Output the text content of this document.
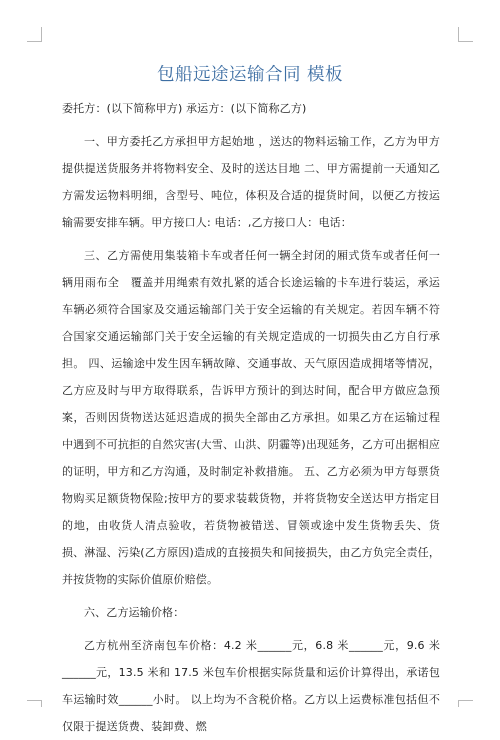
包船远途运输合同 模板

委托方：(以下简称甲方) 承运方：(以下简称乙方)

一、甲方委托乙方承担甲方起始地 ，送达的物料运输工作，乙方为甲方提供提送货服务并将物料安全、及时的送达目地 二、甲方需提前一天通知乙方需发运物料明细，含型号、吨位，体积及合适的提货时间，以便乙方按运输需要安排车辆。甲方接口人: 电话：,乙方接口人：电话：

三、乙方需使用集装箱卡车或者任何一辆全封闭的厢式货车或者任何一辆用雨布全　覆盖并用绳索有效扎紧的适合长途运输的卡车进行装运，承运车辆必须符合国家及交通运输部门关于安全运输的有关规定。若因车辆不符合国家交通运输部门关于安全运输的有关规定造成的一切损失由乙方自行承担。 四、运输途中发生因车辆故障、交通事故、天气原因造成拥堵等情况，乙方应及时与甲方取得联系，告诉甲方预计的到达时间，配合甲方做应急预案，否则因货物送达延迟造成的损失全部由乙方承担。如果乙方在运输过程中遇到不可抗拒的自然灾害(大雪、山洪、阴霾等)出现延务，乙方可出据相应的证明，甲方和乙方沟通，及时制定补救措施。 五、乙方必须为甲方每票货物购买足额货物保险;按甲方的要求装载货物，并将货物安全送达甲方指定目的地，由收货人清点验收，若货物被错送、冒领或途中发生货物丢失、货损、淋湿、污染(乙方原因)造成的直接损失和间接损失，由乙方负完全责任，并按货物的实际价值原价赔偿。

六、乙方运输价格：

乙方杭州至济南包车价格：4.2 米______元，6.8 米______元，9.6 米______元，13.5 米和 17.5 米包车价根据实际货量和运价计算得出，承诺包车运输时效______小时。 以上均为不含税价格。乙方以上运费标准包括但不仅限于提送货费、装卸费、燃
